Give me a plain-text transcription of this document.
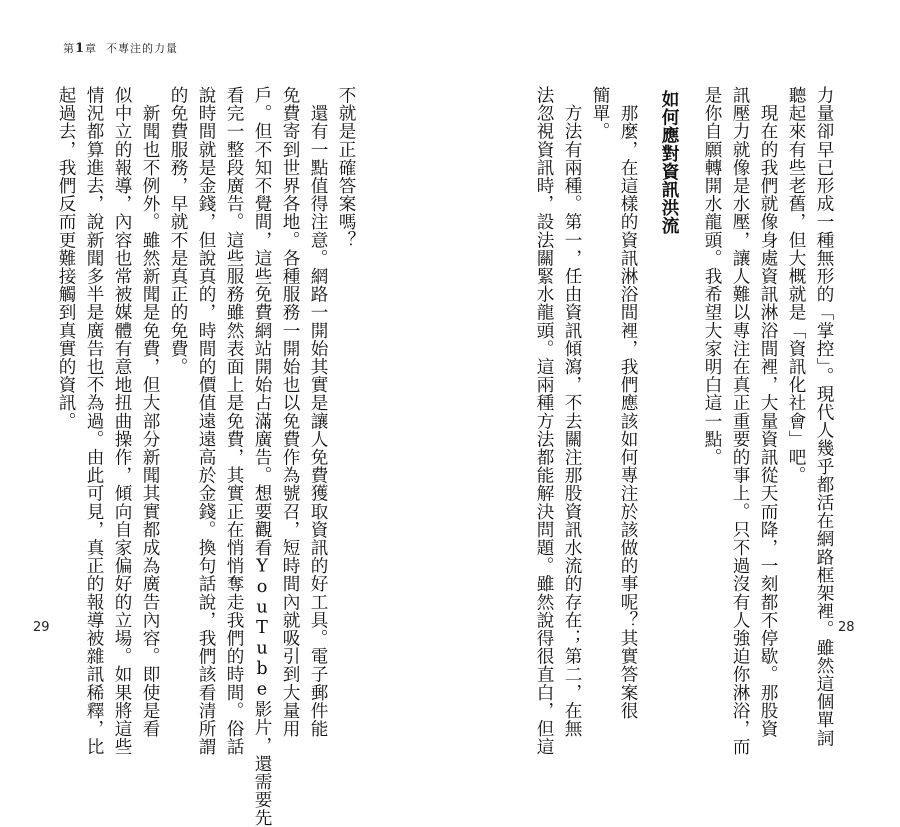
第1章 不專注的力量
力量卻早已形成一種無形的「掌控」。現代人幾乎都活在網路框架裡。雖然這個單詞
聽起來有些老舊，但大概就是「資訊化社會」吧。
　現在的我們就像身處資訊淋浴間裡，大量資訊從天而降，一刻都不停歇。那股資
訊壓力就像是水壓，讓人難以專注在真正重要的事上。只不過沒有人強迫你淋浴，而
是你自願轉開水龍頭。我希望大家明白這一點。
如何應對資訊洪流
　那麼，在這樣的資訊淋浴間裡，我們應該如何專注於該做的事呢？其實答案很
簡單。
　方法有兩種。第一，任由資訊傾瀉，不去關注那股資訊水流的存在；第二，在無
法忽視資訊時，設法關緊水龍頭。這兩種方法都能解決問題。雖然說得很直白，但這
不就是正確答案嗎？
　還有一點值得注意。網路一開始其實是讓人免費獲取資訊的好工具。電子郵件能
免費寄到世界各地。各種服務一開始也以免費作為號召，短時間內就吸引到大量用
戶。但不知不覺間，這些免費網站開始占滿廣告。想要觀看YouTube影片，還需要先
看完一整段廣告。這些服務雖然表面上是免費，其實正在悄悄奪走我們的時間。俗話
說時間就是金錢，但說真的，時間的價值遠遠高於金錢。換句話說，我們該看清所謂
的免費服務，早就不是真正的免費。
　新聞也不例外。雖然新聞是免費，但大部分新聞其實都成為廣告內容。即使是看
似中立的報導，內容也常被媒體有意地扭曲操作，傾向自家偏好的立場。如果將這些
情況都算進去，說新聞多半是廣告也不為過。由此可見，真正的報導被雜訊稀釋，比
起過去，我們反而更難接觸到真實的資訊。
29	28
